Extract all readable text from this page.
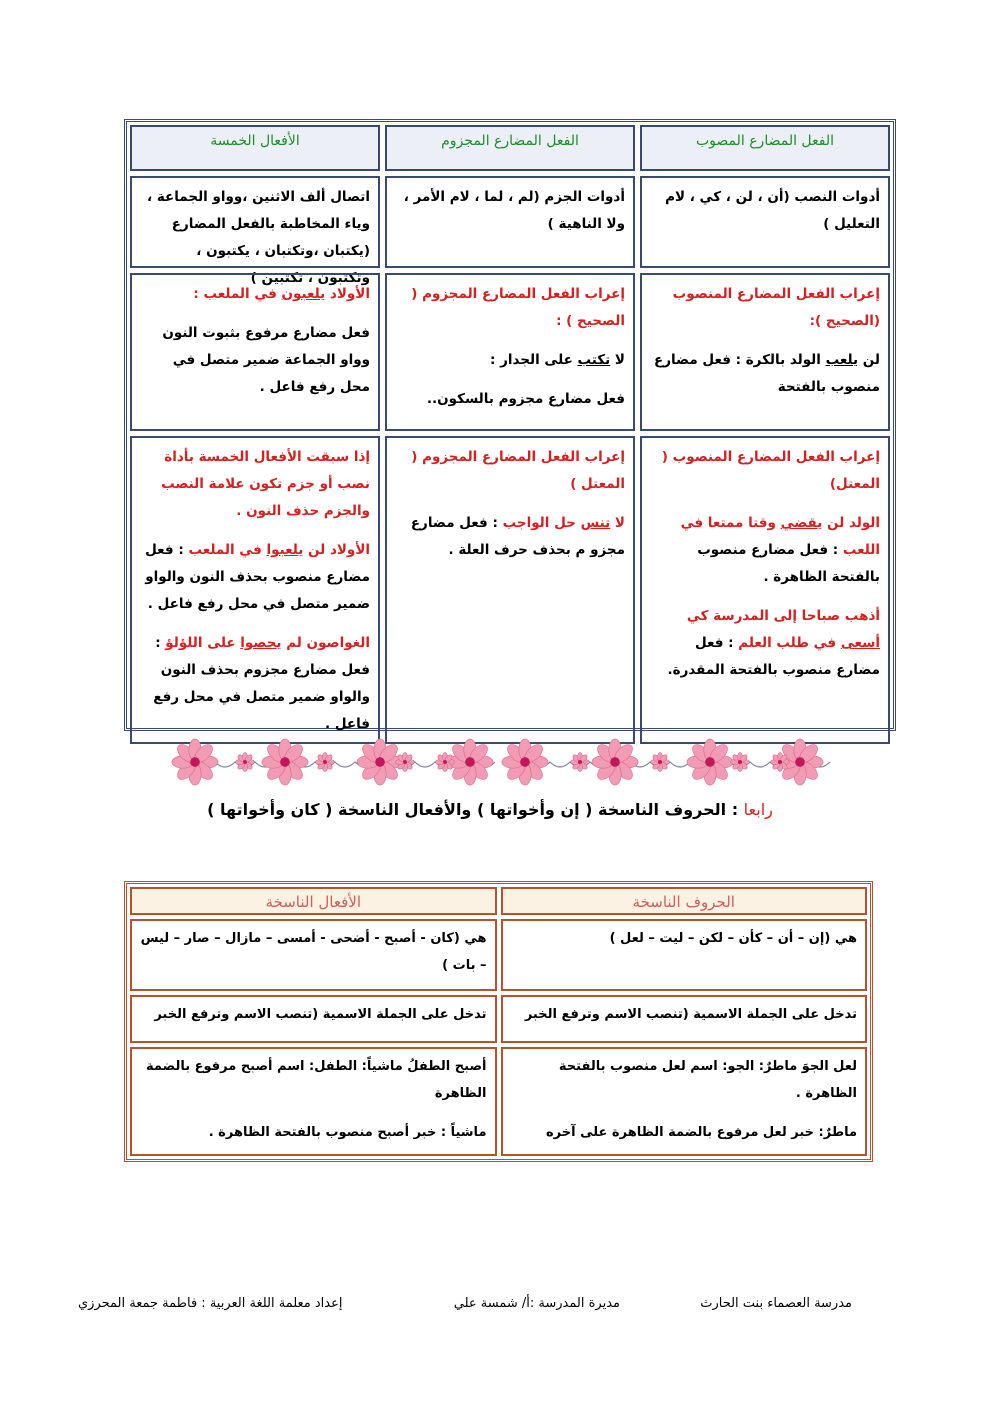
الفعل المضارع المصوب
الفعل المضارع المجزوم
الأفعال الخمسة
أدوات النصب (أن ، لن ، كي ، لام التعليل )
أدوات الجزم (لم ، لما ، لام الأمر ، ولا الناهية )
اتصال ألف الاثنين ،وواو الجماعة ، وياء المخاطبة بالفعل المضارع (يكتبان ،وتكتبان ، يكتبون ، وتكتبون ، تكتبين )
إعراب الفعل المضارع المنصوب (الصحيح ):
لن يلعب الولد بالكرة : فعل مضارع منصوب بالفتحة
إعراب الفعل المضارع المجزوم ( الصحيح ) :
لا تكتب على الجدار :
فعل مضارع مجزوم بالسكون..
الأولاد يلعبون في الملعب :
فعل مضارع مرفوع بثبوت النون وواو الجماعة ضمير متصل في محل رفع فاعل .
إعراب الفعل المضارع المنصوب ( المعتل)
الولد لن يقضي وقتا ممتعا في اللعب : فعل مضارع منصوب بالفتحة الظاهرة .
أذهب صباحا إلى المدرسة كي أسعى في طلب العلم : فعل مضارع منصوب بالفتحة المقدرة.
إعراب الفعل المضارع المجزوم ( المعتل )
لا تنس حل الواجب : فعل مضارع مجزو م بحذف حرف العلة .
إذا سبقت الأفعال الخمسة بأداة نصب أو جزم تكون علامة النصب والجزم حذف النون .
الأولاد لن يلعبوا في الملعب : فعل مضارع منصوب بحذف النون والواو ضمير متصل في محل رفع فاعل .
الغواصون لم يحصوا على اللؤلؤ : فعل مضارع مجزوم بحذف النون والواو ضمير متصل في محل رفع فاعل .
رابعا : الحروف الناسخة ( إن وأخواتها ) والأفعال الناسخة ( كان وأخواتها )
الحروف الناسخة
الأفعال الناسخة
هي (إن – أن – كأن – لكن – ليت – لعل )
هي (كان - أصبح - أضحى - أمسى – مازال – صار – ليس – بات )
تدخل على الجملة الاسمية (تنصب الاسم وترفع الخبر
تدخل على الجملة الاسمية (تنصب الاسم وترفع الخبر
لعل الجوَ ماطرٌ: الجو: اسم لعل منصوب بالفتحة الظاهرة .
ماطرٌ: خبر لعل مرفوع بالضمة الظاهرة على آخره
أصبح الطفلُ ماشياً: الطفل: اسم أصبح مرفوع بالضمة الظاهرة
ماشياً : خبر أصبح منصوب بالفتحة الظاهرة .
مدرسة العصماء بنت الحارث
مديرة المدرسة :أ/ شمسة علي
إعداد معلمة اللغة العربية : فاطمة جمعة المحرزي
